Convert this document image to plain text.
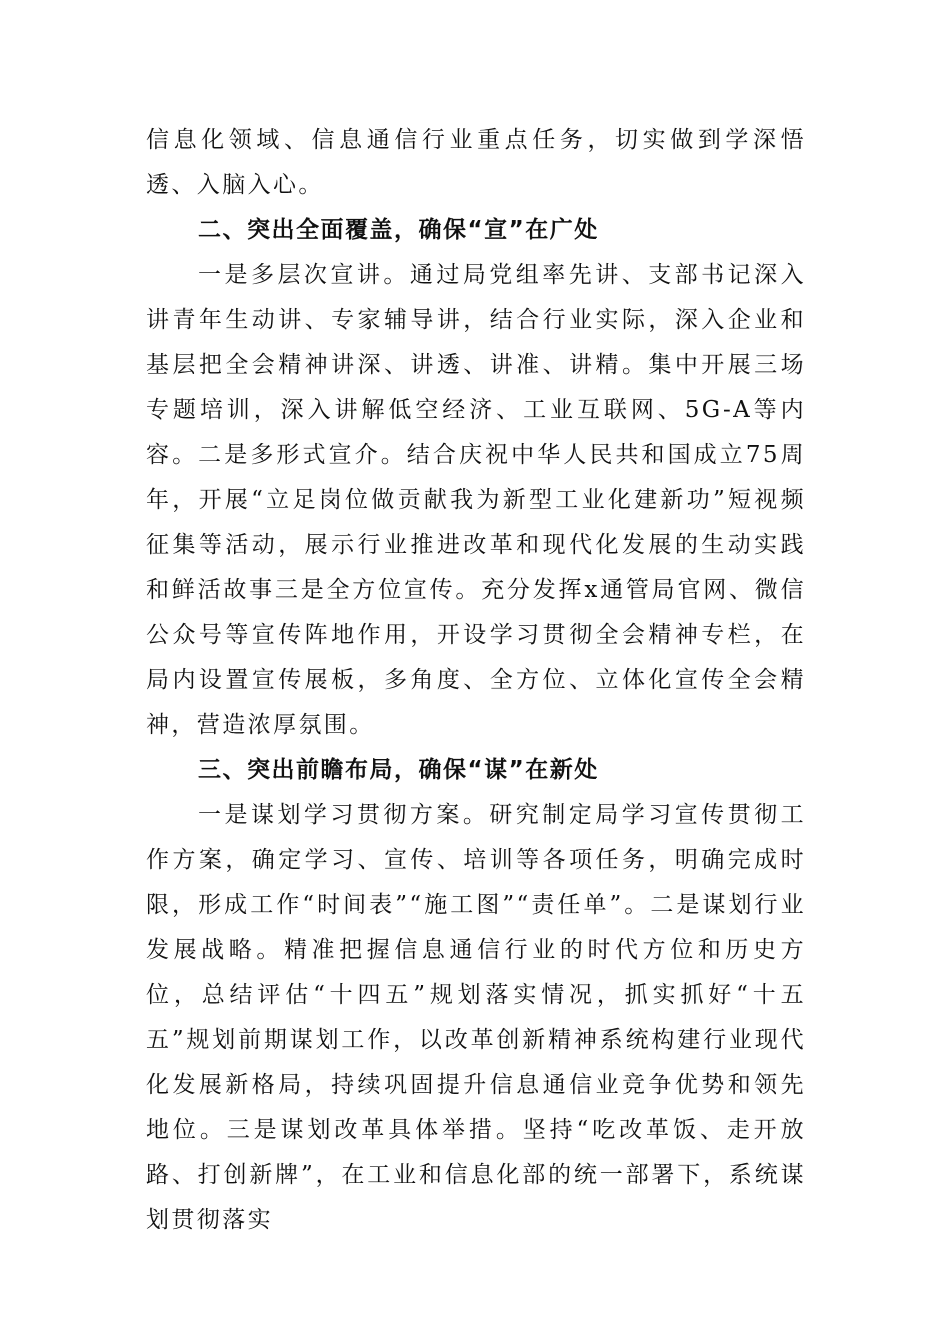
信息化领域、信息通信行业重点任务，切实做到学深悟透、入脑入心。

二、突出全面覆盖，确保“宣”在广处

一是多层次宣讲。通过局党组率先讲、支部书记深入讲青年生动讲、专家辅导讲，结合行业实际，深入企业和基层把全会精神讲深、讲透、讲准、讲精。集中开展三场专题培训，深入讲解低空经济、工业互联网、5G-A等内容。二是多形式宣介。结合庆祝中华人民共和国成立75周年，开展“立足岗位做贡献我为新型工业化建新功”短视频征集等活动，展示行业推进改革和现代化发展的生动实践和鲜活故事三是全方位宣传。充分发挥x通管局官网、微信公众号等宣传阵地作用，开设学习贯彻全会精神专栏，在局内设置宣传展板，多角度、全方位、立体化宣传全会精神，营造浓厚氛围。

三、突出前瞻布局，确保“谋”在新处

一是谋划学习贯彻方案。研究制定局学习宣传贯彻工作方案，确定学习、宣传、培训等各项任务，明确完成时限，形成工作“时间表”“施工图”“责任单”。二是谋划行业发展战略。精准把握信息通信行业的时代方位和历史方位，总结评估“十四五”规划落实情况，抓实抓好“十五五”规划前期谋划工作，以改革创新精神系统构建行业现代化发展新格局，持续巩固提升信息通信业竞争优势和领先地位。三是谋划改革具体举措。坚持“吃改革饭、走开放路、打创新牌”，在工业和信息化部的统一部署下，系统谋划贯彻落实
